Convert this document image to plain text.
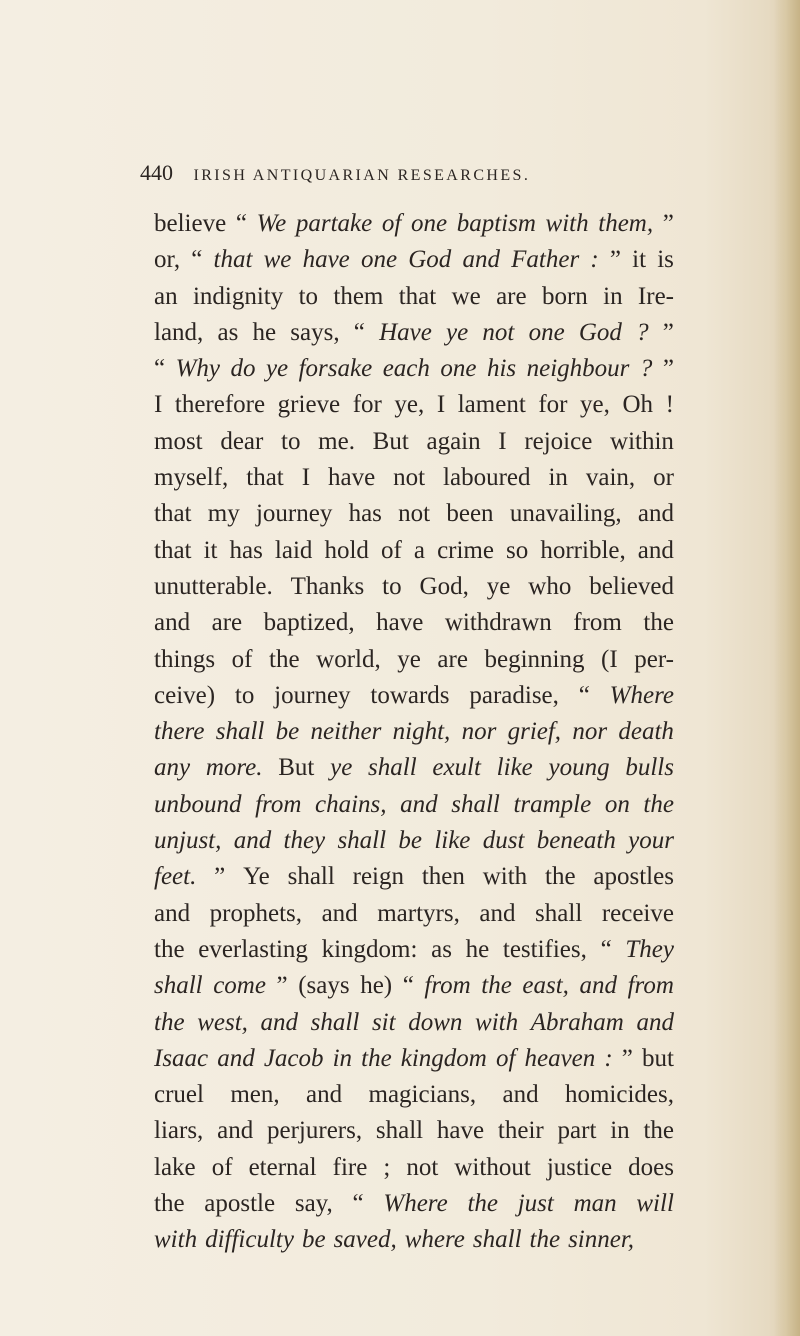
440 IRISH ANTIQUARIAN RESEARCHES.
believe “ We partake of one baptism with them, ”
or, “ that we have one God and Father : ” it is
an indignity to them that we are born in Ire-
land, as he says, “ Have ye not one God ? ”
“ Why do ye forsake each one his neighbour ? ”
I therefore grieve for ye, I lament for ye, Oh !
most dear to me. But again I rejoice within
myself, that I have not laboured in vain, or
that my journey has not been unavailing, and
that it has laid hold of a crime so horrible, and
unutterable. Thanks to God, ye who believed
and are baptized, have withdrawn from the
things of the world, ye are beginning (I per-
ceive) to journey towards paradise, “ Where
there shall be neither night, nor grief, nor death
any more. But ye shall exult like young bulls
unbound from chains, and shall trample on the
unjust, and they shall be like dust beneath your
feet. ” Ye shall reign then with the apostles
and prophets, and martyrs, and shall receive
the everlasting kingdom: as he testifies, “ They
shall come ” (says he) “ from the east, and from
the west, and shall sit down with Abraham and
Isaac and Jacob in the kingdom of heaven : ” but
cruel men, and magicians, and homicides,
liars, and perjurers, shall have their part in the
lake of eternal fire ; not without justice does
the apostle say, “ Where the just man will
with difficulty be saved, where shall the sinner,
